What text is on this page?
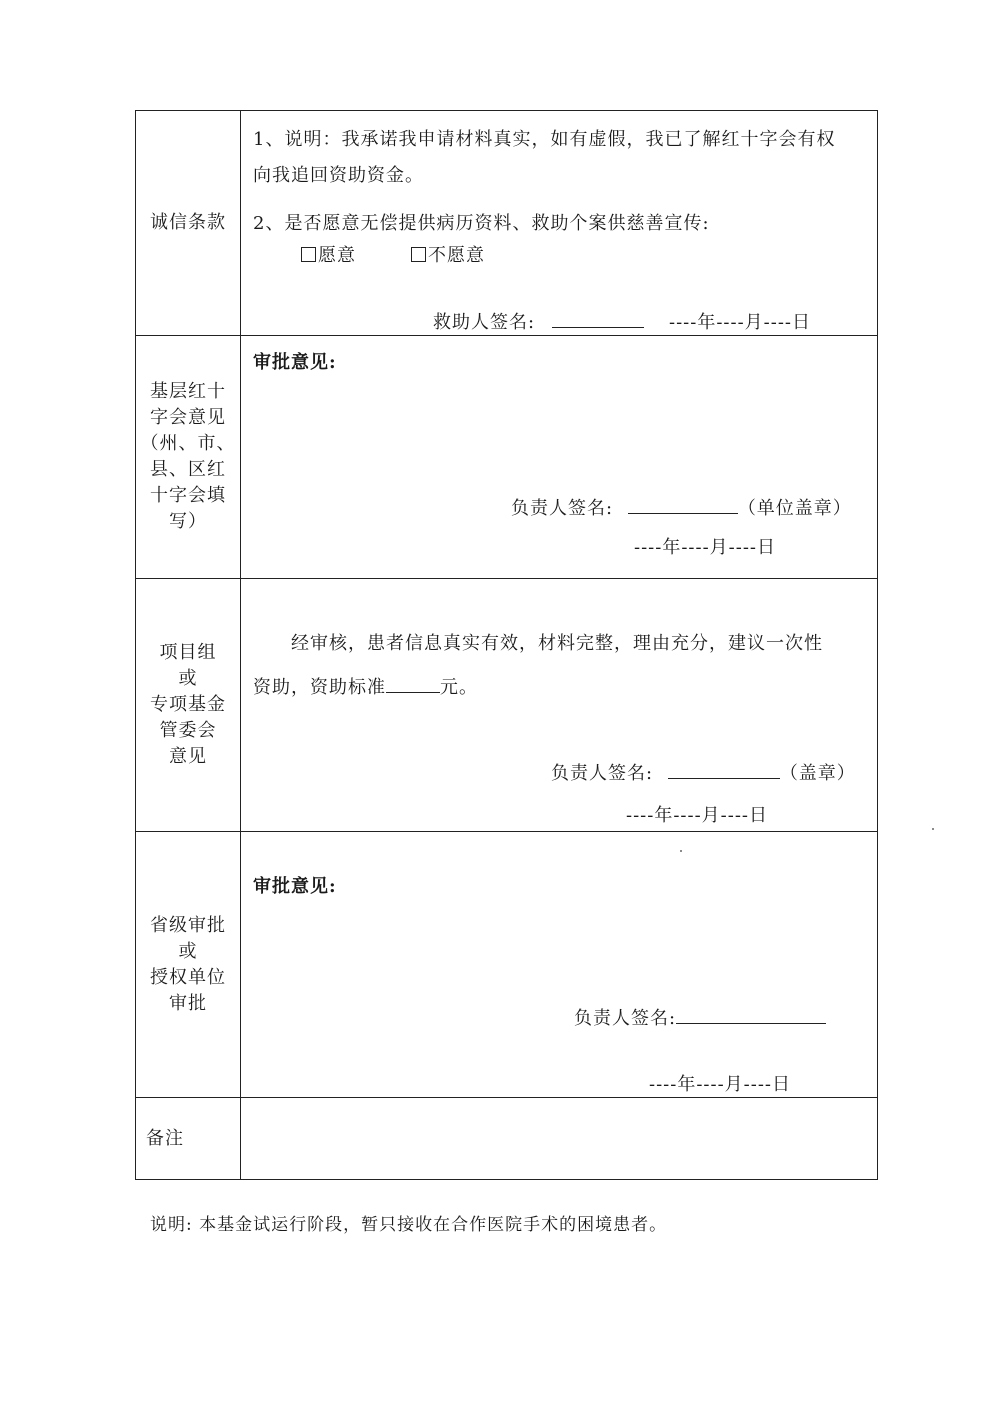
诚信条款
1、说明：我承诺我申请材料真实，如有虚假，我已了解红十字会有权
向我追回资助资金。
2、是否愿意无偿提供病历资料、救助个案供慈善宣传:
愿意	不愿意
救助人签名:	----年----月----日
基层红十
字会意见
（州、市、
县、区红
十字会填
写）
审批意见:
负责人签名:	（单位盖章）
----年----月----日
项目组
或
专项基金
管委会
意见
经审核，患者信息真实有效，材料完整，理由充分，建议一次性
资助，资助标准	元。
负责人签名:	（盖章）
----年----月----日
省级审批
或
授权单位
审批
审批意见:
负责人签名:
----年----月----日
备注
说明: 本基金试运行阶段，暂只接收在合作医院手术的困境患者。
